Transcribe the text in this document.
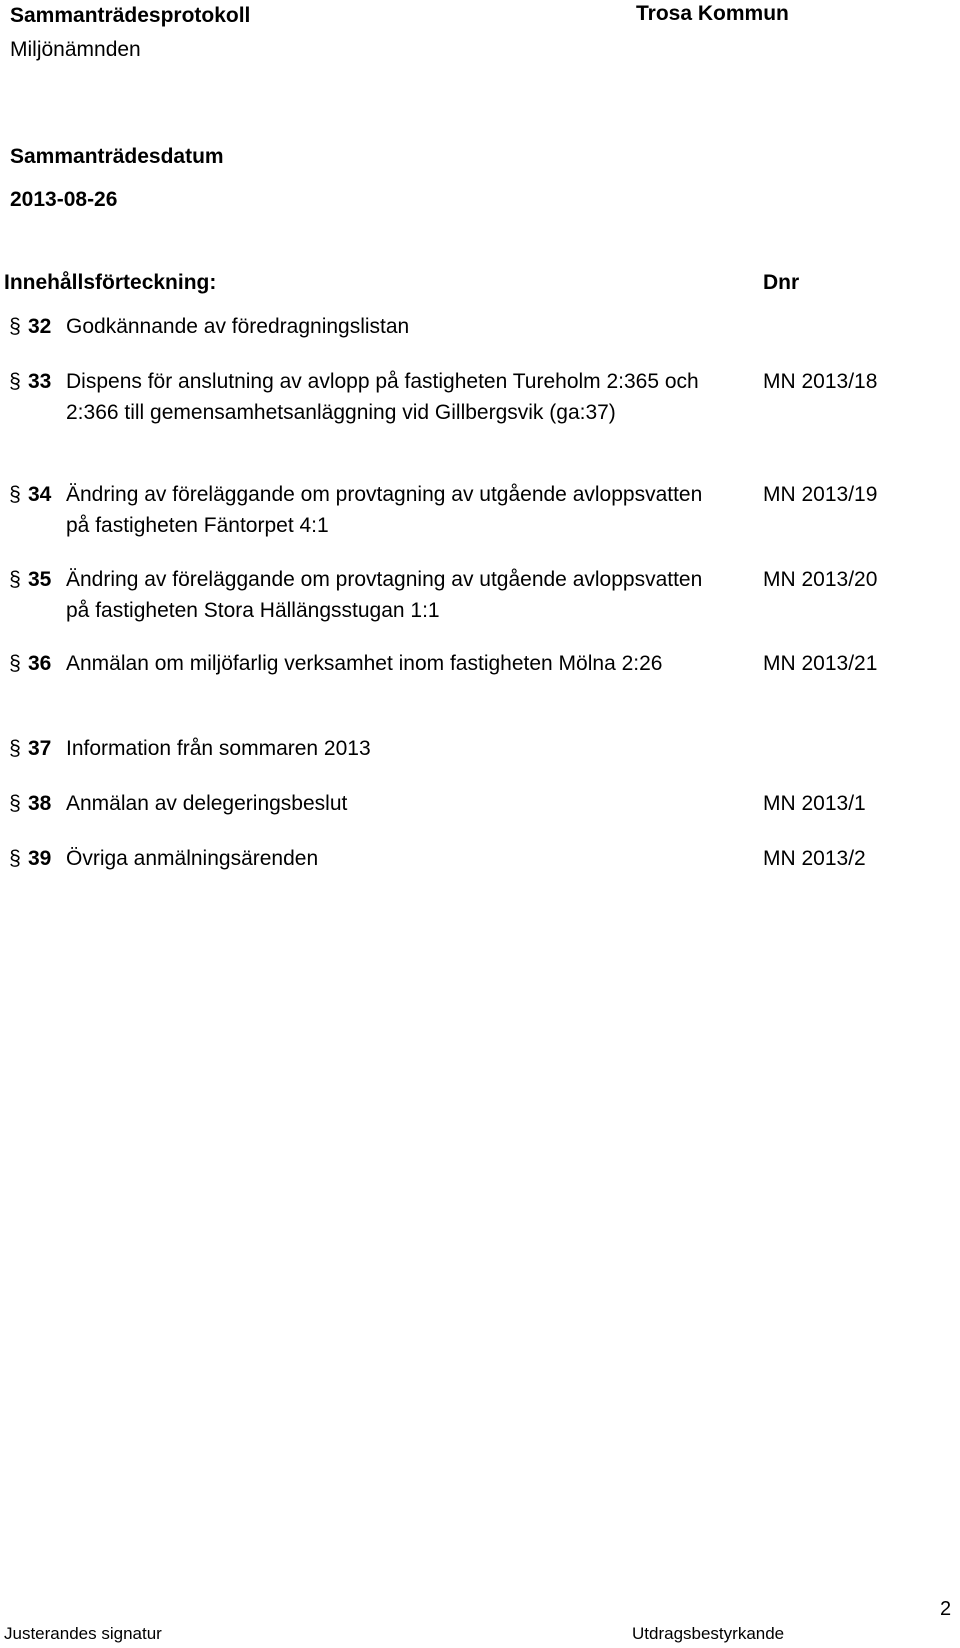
Sammanträdesprotokoll	Trosa Kommun
Miljönämnden
Sammanträdesdatum
2013-08-26
Innehållsförteckning:	Dnr
§ 32 Godkännande av föredragningslistan
§ 33 Dispens för anslutning av avlopp på fastigheten Tureholm 2:365 och 2:366 till gemensamhetsanläggning vid Gillbergsvik (ga:37)
MN 2013/18
§ 34 Ändring av föreläggande om provtagning av utgående avloppsvatten på fastigheten Fäntorpet 4:1
MN 2013/19
§ 35 Ändring av föreläggande om provtagning av utgående avloppsvatten på fastigheten Stora Hällängsstugan 1:1
MN 2013/20
§ 36 Anmälan om miljöfarlig verksamhet inom fastigheten Mölna 2:26	MN 2013/21
§ 37 Information från sommaren 2013
§ 38 Anmälan av delegeringsbeslut	MN 2013/1
§ 39 Övriga anmälningsärenden	MN 2013/2
Justerandes signatur	Utdragsbestyrkande
2
